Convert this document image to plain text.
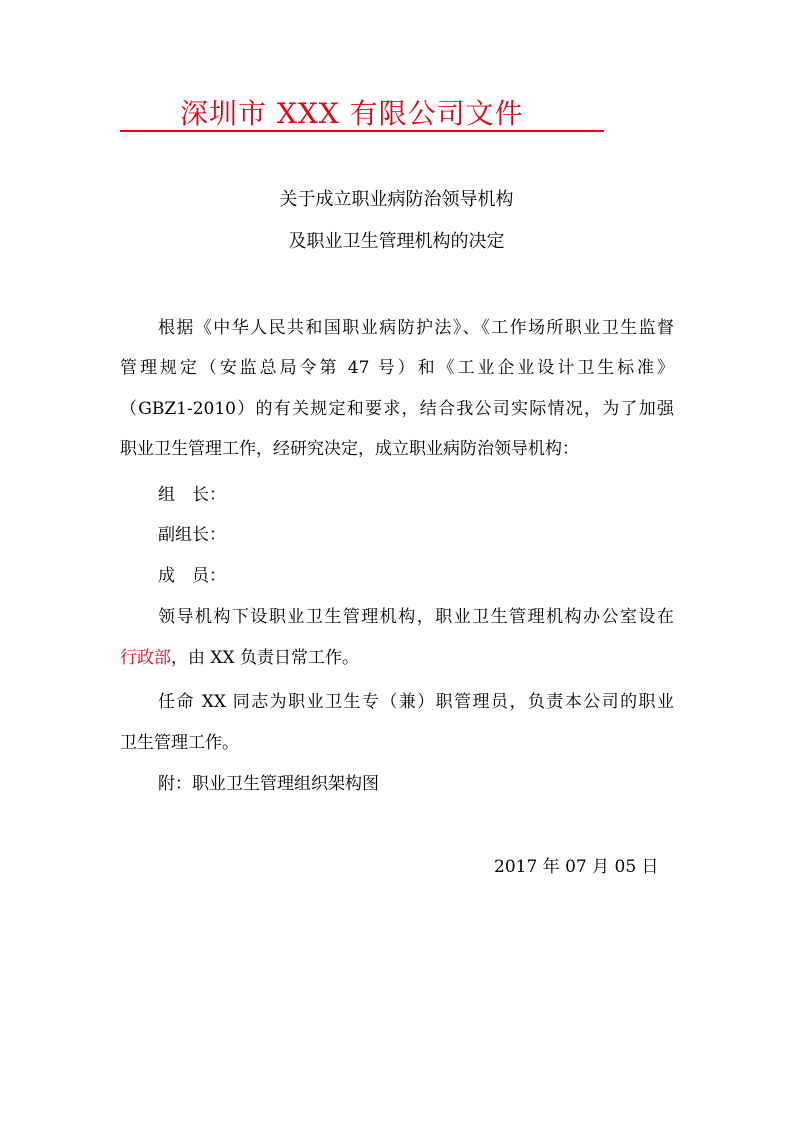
深圳市 XXX 有限公司文件
关于成立职业病防治领导机构
及职业卫生管理机构的决定
根据《中华人民共和国职业病防护法》、《工作场所职业卫生监督
管理规定（安监总局令第 47 号）和《工业企业设计卫生标准》
（GBZ1-2010）的有关规定和要求，结合我公司实际情况，为了加强
职业卫生管理工作，经研究决定，成立职业病防治领导机构：
组　长：
副组长：
成　员：
领导机构下设职业卫生管理机构，职业卫生管理机构办公室设在
行政部，由 XX 负责日常工作。
任命 XX 同志为职业卫生专（兼）职管理员，负责本公司的职业
卫生管理工作。
附：职业卫生管理组织架构图
2017 年 07 月 05 日
